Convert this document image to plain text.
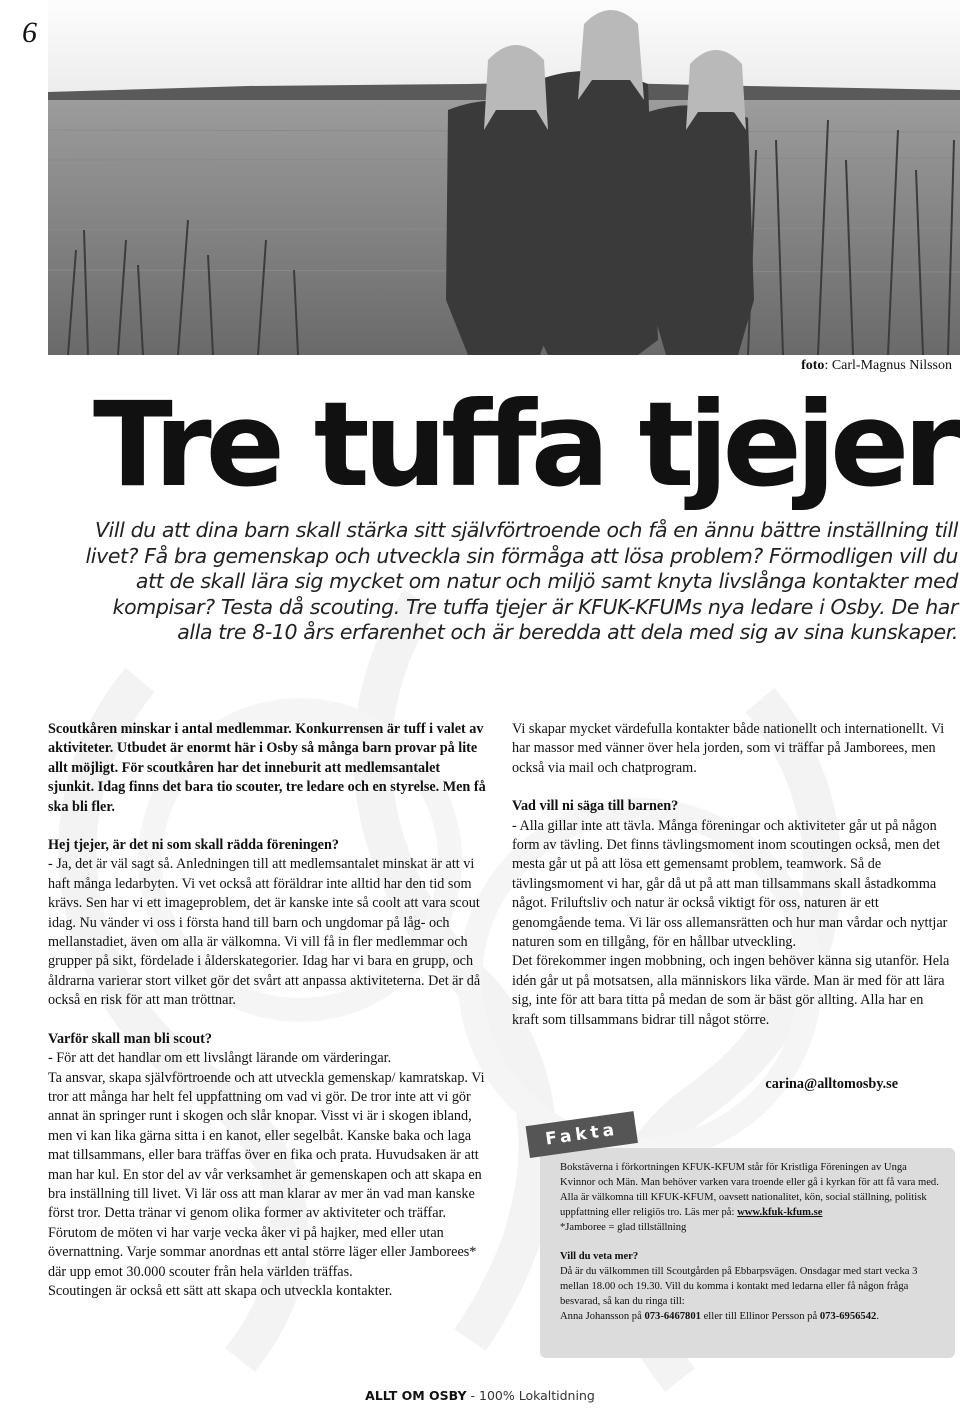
6
foto: Carl-Magnus Nilsson
Tre tuffa tjejer
Vill du att dina barn skall stärka sitt självförtroende och få en ännu bättre inställning till livet? Få bra gemenskap och utveckla sin förmåga att lösa problem? Förmodligen vill du att de skall lära sig mycket om natur och miljö samt knyta livslånga kontakter med kompisar? Testa då scouting. Tre tuffa tjejer är KFUK-KFUMs nya ledare i Osby. De har alla tre 8-10 års erfarenhet och är beredda att dela med sig av sina kunskaper.

Scoutkåren minskar i antal medlemmar. Konkurrensen är tuff i valet av aktiviteter. Utbudet är enormt här i Osby så många barn provar på lite allt möjligt. För scoutkåren har det inneburit att medlemsantalet sjunkit. Idag finns det bara tio scouter, tre ledare och en styrelse. Men få ska bli fler.

Hej tjejer, är det ni som skall rädda föreningen?

- Ja, det är väl sagt så. Anledningen till att medlemsantalet minskat är att vi haft många ledarbyten. Vi vet också att föräldrar inte alltid har den tid som krävs. Sen har vi ett imageproblem, det är kanske inte så coolt att vara scout idag. Nu vänder vi oss i första hand till barn och ungdomar på låg- och mellanstadiet, även om alla är välkomna. Vi vill få in fler medlemmar och grupper på sikt, fördelade i ålderskategorier. Idag har vi bara en grupp, och åldrarna varierar stort vilket gör det svårt att anpassa aktiviteterna. Det är då också en risk för att man tröttnar.

Varför skall man bli scout?

- För att det handlar om ett livslångt lärande om värderingar.

Ta ansvar, skapa självförtroende och att utveckla gemenskap/ kamratskap. Vi tror att många har helt fel uppfattning om vad vi gör. De tror inte att vi gör annat än springer runt i skogen och slår knopar. Visst vi är i skogen ibland, men vi kan lika gärna sitta i en kanot, eller segelbåt. Kanske baka och laga mat tillsammans, eller bara träffas över en fika och prata. Huvudsaken är att man har kul. En stor del av vår verksamhet är gemenskapen och att skapa en bra inställning till livet. Vi lär oss att man klarar av mer än vad man kanske först tror. Detta tränar vi genom olika former av aktiviteter och träffar. Förutom de möten vi har varje vecka åker vi på hajker, med eller utan övernattning. Varje sommar anordnas ett antal större läger eller Jamborees* där upp emot 30.000 scouter från hela världen träffas.

Scoutingen är också ett sätt att skapa och utveckla kontakter.

Vi skapar mycket värdefulla kontakter både nationellt och internationellt. Vi har massor med vänner över hela jorden, som vi träffar på Jamborees, men också via mail och chatprogram.

Vad vill ni säga till barnen?

- Alla gillar inte att tävla. Många föreningar och aktiviteter går ut på någon form av tävling. Det finns tävlingsmoment inom scoutingen också, men det mesta går ut på att lösa ett gemensamt problem, teamwork. Så de tävlingsmoment vi har, går då ut på att man tillsammans skall åstadkomma något. Friluftsliv och natur är också viktigt för oss, naturen är ett genomgående tema. Vi lär oss allemansrätten och hur man vårdar och nyttjar naturen som en tillgång, för en hållbar utveckling.

Det förekommer ingen mobbning, och ingen behöver känna sig utanför. Hela idén går ut på motsatsen, alla människors lika värde. Man är med för att lära sig, inte för att bara titta på medan de som är bäst gör allting. Alla har en kraft som tillsammans bidrar till något större.

carina@alltomosby.se
Fakta

Bokstäverna i förkortningen KFUK-KFUM står för Kristliga Föreningen av Unga Kvinnor och Män. Man behöver varken vara troende eller gå i kyrkan för att få vara med. Alla är välkomna till KFUK-KFUM, oavsett nationalitet, kön, social ställning, politisk uppfattning eller religiös tro. Läs mer på: www.kfuk-kfum.se

*Jamboree = glad tillställning

Vill du veta mer?

Då är du välkommen till Scoutgården på Ebbarpsvägen. Onsdagar med start vecka 3 mellan 18.00 och 19.30. Vill du komma i kontakt med ledarna eller få någon fråga besvarad, så kan du ringa till:

Anna Johansson på 073-6467801 eller till Ellinor Persson på 073-6956542.

ALLT OM OSBY - 100% Lokaltidning
